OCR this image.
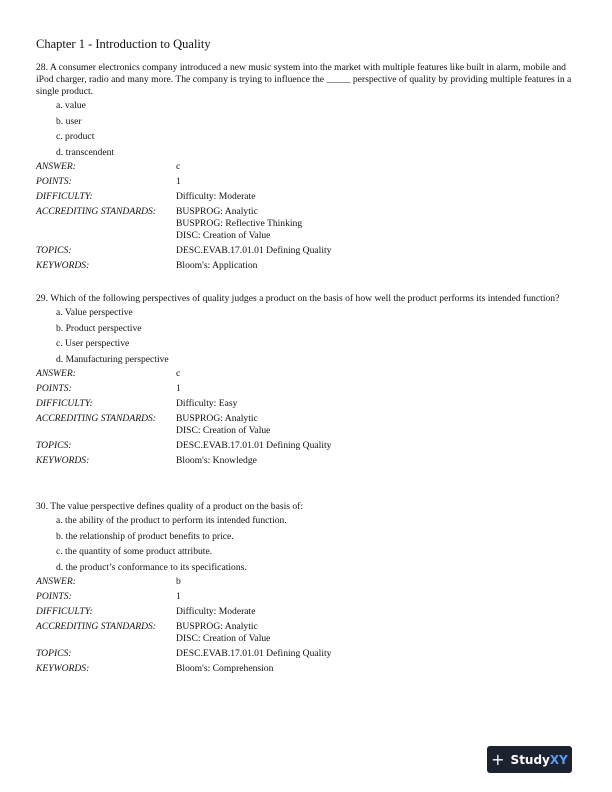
Chapter 1 - Introduction to Quality

28. A consumer electronics company introduced a new music system into the market with multiple features like built in alarm, mobile and iPod charger, radio and many more. The company is trying to influence the _____ perspective of quality by providing multiple features in a single product.

a. value
b. user
c. product
d. transcendent
ANSWER:	c
POINTS:	1
DIFFICULTY:	Difficulty: Moderate
ACCREDITING STANDARDS:	BUSPROG: Analytic
BUSPROG: Reflective Thinking
DISC: Creation of Value
TOPICS:	DESC.EVAB.17.01.01 Defining Quality
KEYWORDS:	Bloom's: Application

29. Which of the following perspectives of quality judges a product on the basis of how well the product performs its intended function?

a. Value perspective
b. Product perspective
c. User perspective
d. Manufacturing perspective
ANSWER:	c
POINTS:	1
DIFFICULTY:	Difficulty: Easy
ACCREDITING STANDARDS:	BUSPROG: Analytic
DISC: Creation of Value
TOPICS:	DESC.EVAB.17.01.01 Defining Quality
KEYWORDS:	Bloom's: Knowledge

30. The value perspective defines quality of a product on the basis of:

a. the ability of the product to perform its intended function.
b. the relationship of product benefits to price.
c. the quantity of some product attribute.
d. the product’s conformance to its specifications.
ANSWER:	b
POINTS:	1
DIFFICULTY:	Difficulty: Moderate
ACCREDITING STANDARDS:	BUSPROG: Analytic
DISC: Creation of Value
TOPICS:	DESC.EVAB.17.01.01 Defining Quality
KEYWORDS:	Bloom's: Comprehension
+ StudyXY
